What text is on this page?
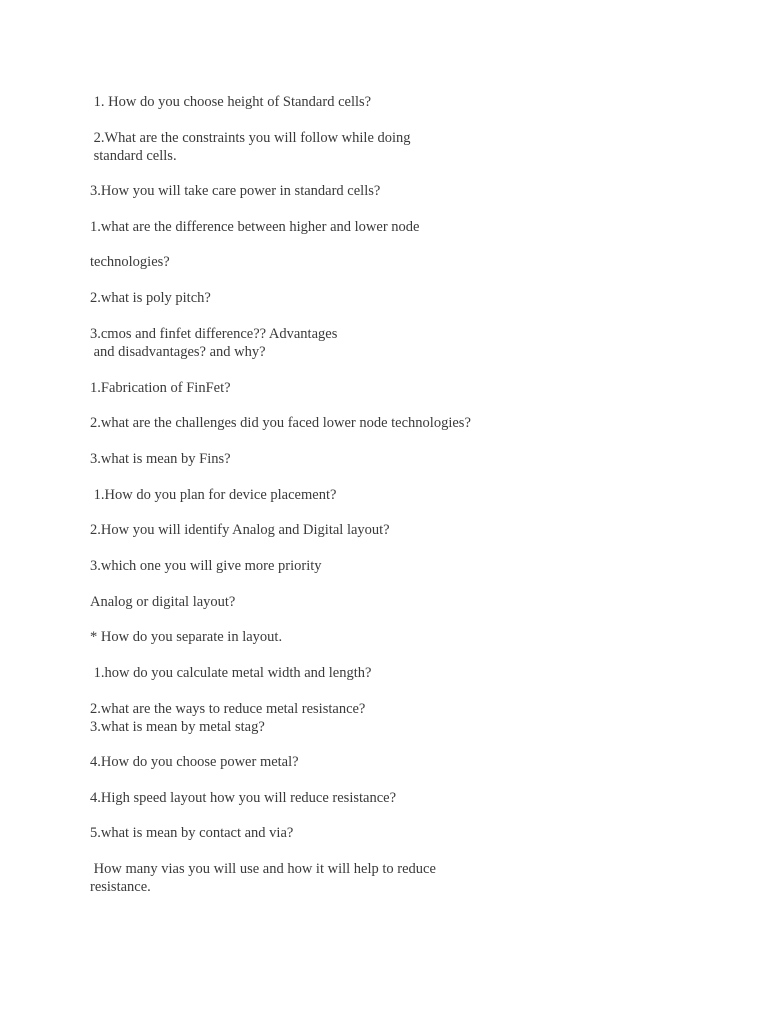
1. How do you choose height of Standard cells?

2.What are the constraints you will follow while doing
standard cells.

3.How you will take care power in standard cells?

1.what are the difference between higher and lower node

technologies?

2.what is poly pitch?

3.cmos and finfet difference?? Advantages
and disadvantages? and why?

1.Fabrication of FinFet?

2.what are the challenges did you faced lower node technologies?

3.what is mean by Fins?

1.How do you plan for device placement?

2.How you will identify Analog and Digital layout?

3.which one you will give more priority

Analog or digital layout?

* How do you separate in layout.

1.how do you calculate metal width and length?

2.what are the ways to reduce metal resistance?
3.what is mean by metal stag?

4.How do you choose power metal?

4.High speed layout how you will reduce resistance?

5.what is mean by contact and via?

How many vias you will use and how it will help to reduce
resistance.
